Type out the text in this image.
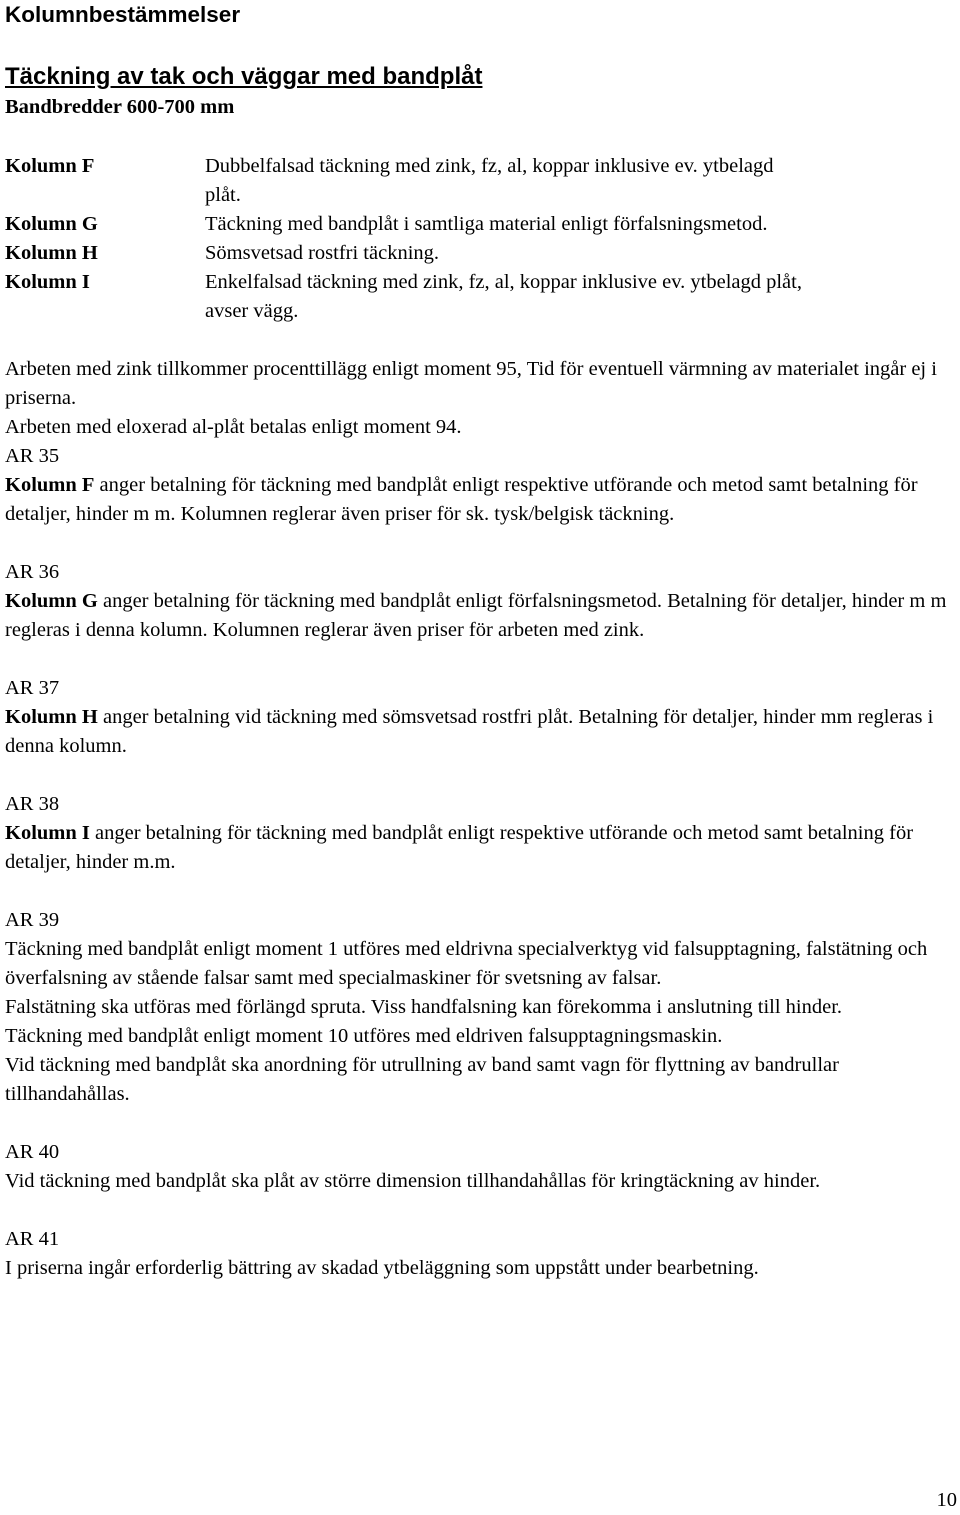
Kolumnbestämmelser
Täckning av tak och väggar med bandplåt
Bandbredder 600-700 mm
Kolumn F	Dubbelfalsad täckning med zink, fz, al, koppar inklusive ev. ytbelagd
plåt.
Kolumn G	Täckning med bandplåt i samtliga material enligt förfalsningsmetod.
Kolumn H	Sömsvetsad rostfri täckning.
Kolumn I	Enkelfalsad täckning med zink, fz, al, koppar inklusive ev. ytbelagd plåt,
avser vägg.

Arbeten med zink tillkommer procenttillägg enligt moment 95, Tid för eventuell värmning av materialet ingår ej i priserna.

Arbeten med eloxerad al-plåt betalas enligt moment 94.

AR 35

Kolumn F anger betalning för täckning med bandplåt enligt respektive utförande och metod samt betalning för detaljer, hinder m m. Kolumnen reglerar även priser för sk. tysk/belgisk täckning.

AR 36

Kolumn G anger betalning för täckning med bandplåt enligt förfalsningsmetod. Betalning för detaljer, hinder m m regleras i denna kolumn. Kolumnen reglerar även priser för arbeten med zink.

AR 37

Kolumn H anger betalning vid täckning med sömsvetsad rostfri plåt. Betalning för detaljer, hinder mm regleras i denna kolumn.

AR 38

Kolumn I anger betalning för täckning med bandplåt enligt respektive utförande och metod samt betalning för detaljer, hinder m.m.

AR 39

Täckning med bandplåt enligt moment 1 utföres med eldrivna specialverktyg vid falsupptagning, falstätning och överfalsning av stående falsar samt med specialmaskiner för svetsning av falsar.

Falstätning ska utföras med förlängd spruta. Viss handfalsning kan förekomma i anslutning till hinder.

Täckning med bandplåt enligt moment 10 utföres med eldriven falsupptagningsmaskin.

Vid täckning med bandplåt ska anordning för utrullning av band samt vagn för flyttning av bandrullar tillhandahållas.

AR 40

Vid täckning med bandplåt ska plåt av större dimension tillhandahållas för kringtäckning av hinder.

AR 41

I priserna ingår erforderlig bättring av skadad ytbeläggning som uppstått under bearbetning.

10
